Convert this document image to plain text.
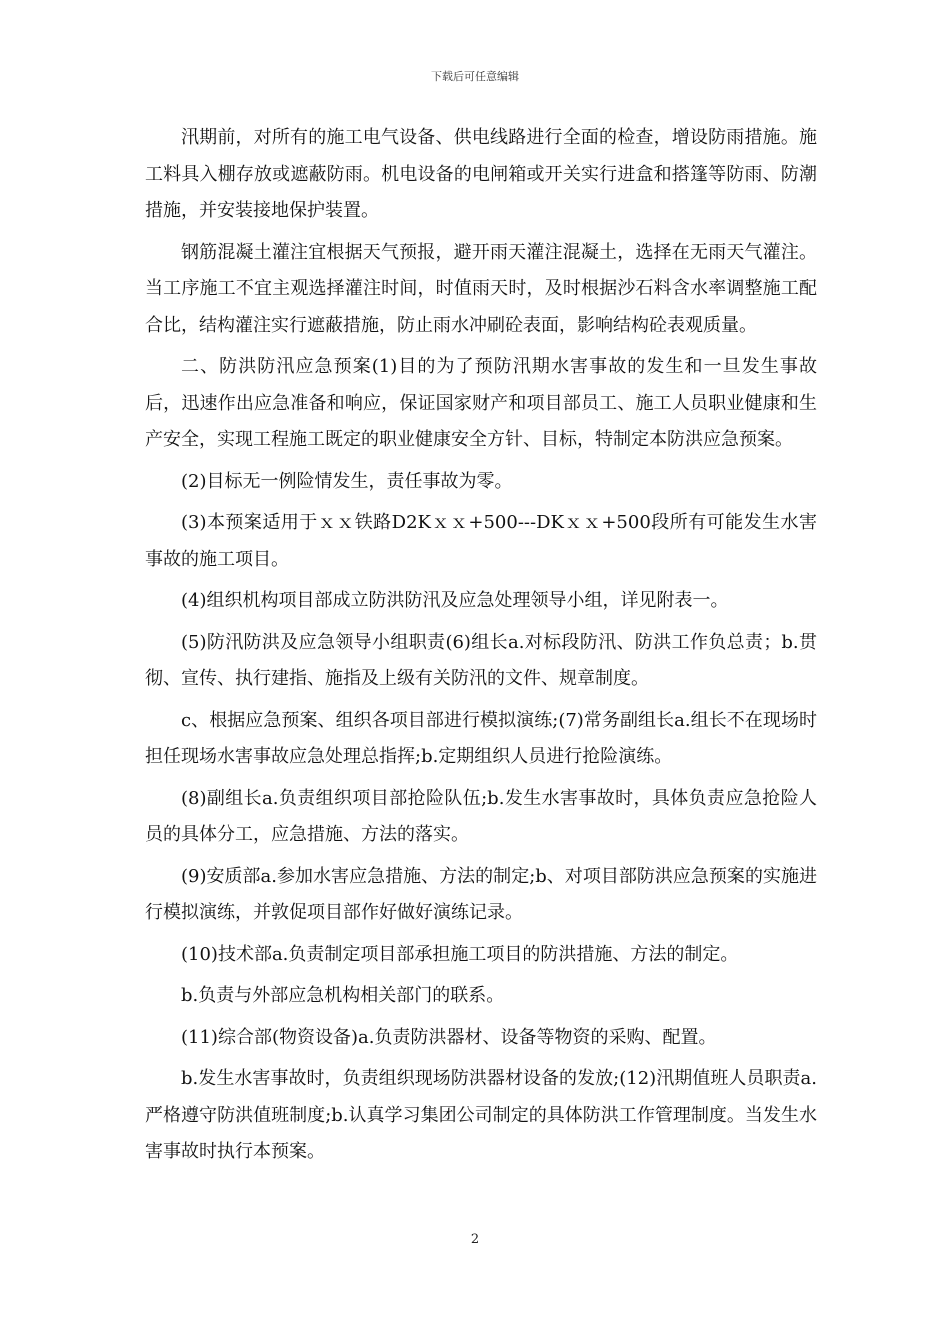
下载后可任意编辑

汛期前，对所有的施工电气设备、供电线路进行全面的检查，增设防雨措施。施工料具入棚存放或遮蔽防雨。机电设备的电闸箱或开关实行进盒和搭篷等防雨、防潮措施，并安装接地保护装置。

钢筋混凝土灌注宜根据天气预报，避开雨天灌注混凝土，选择在无雨天气灌注。当工序施工不宜主观选择灌注时间，时值雨天时，及时根据沙石料含水率调整施工配合比，结构灌注实行遮蔽措施，防止雨水冲刷砼表面，影响结构砼表观质量。

二、防洪防汛应急预案(1)目的为了预防汛期水害事故的发生和一旦发生事故后，迅速作出应急准备和响应，保证国家财产和项目部员工、施工人员职业健康和生产安全，实现工程施工既定的职业健康安全方针、目标，特制定本防洪应急预案。

(2)目标无一例险情发生，责任事故为零。

(3)本预案适用于ｘｘ铁路D2Kｘｘ+500---DKｘｘ+500段所有可能发生水害事故的施工项目。

(4)组织机构项目部成立防洪防汛及应急处理领导小组，详见附表一。

(5)防汛防洪及应急领导小组职责(6)组长a.对标段防汛、防洪工作负总责；b.贯彻、宣传、执行建指、施指及上级有关防汛的文件、规章制度。

c、根据应急预案、组织各项目部进行模拟演练;(7)常务副组长a.组长不在现场时担任现场水害事故应急处理总指挥;b.定期组织人员进行抢险演练。

(8)副组长a.负责组织项目部抢险队伍;b.发生水害事故时，具体负责应急抢险人员的具体分工，应急措施、方法的落实。

(9)安质部a.参加水害应急措施、方法的制定;b、对项目部防洪应急预案的实施进行模拟演练，并敦促项目部作好做好演练记录。

(10)技术部a.负责制定项目部承担施工项目的防洪措施、方法的制定。

b.负责与外部应急机构相关部门的联系。

(11)综合部(物资设备)a.负责防洪器材、设备等物资的采购、配置。

b.发生水害事故时，负责组织现场防洪器材设备的发放;(12)汛期值班人员职责a.严格遵守防洪值班制度;b.认真学习集团公司制定的具体防洪工作管理制度。当发生水害事故时执行本预案。

2
